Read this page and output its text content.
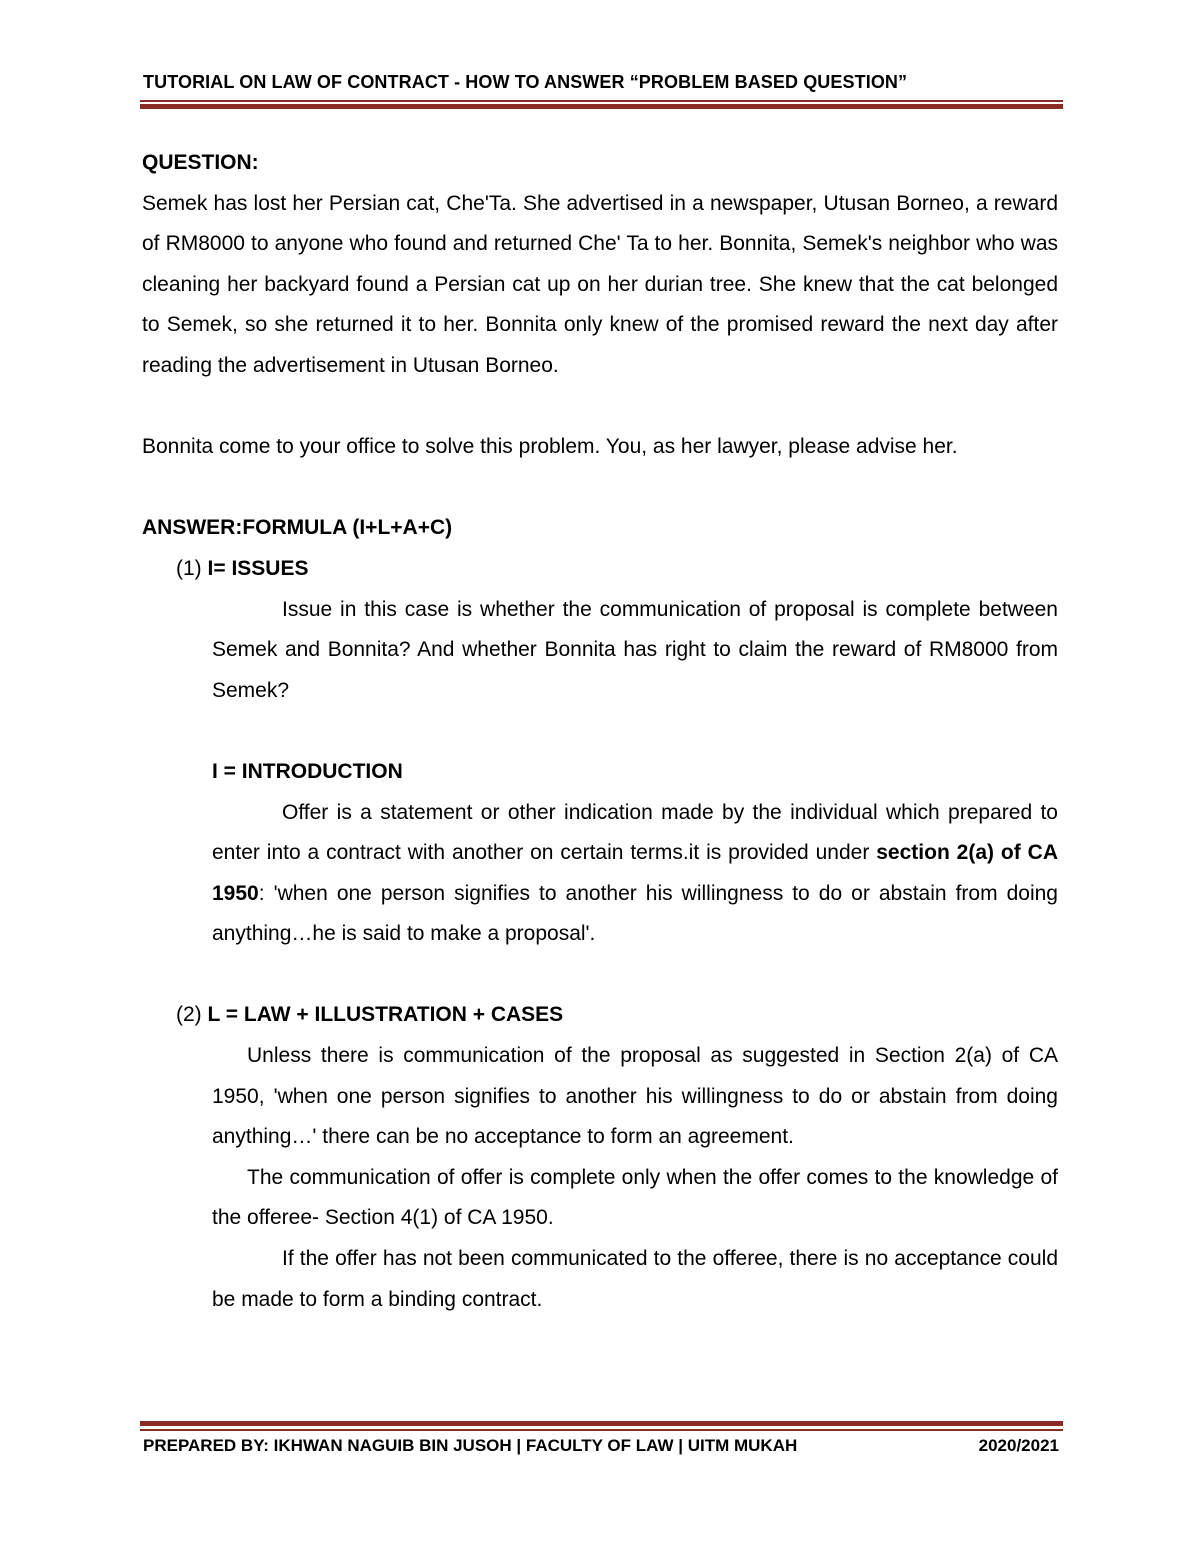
TUTORIAL ON LAW OF CONTRACT - HOW TO ANSWER “PROBLEM BASED QUESTION”

QUESTION:

Semek has lost her Persian cat, Che'Ta. She advertised in a newspaper, Utusan Borneo, a reward of RM8000 to anyone who found and returned Che' Ta to her. Bonnita, Semek's neighbor who was cleaning her backyard found a Persian cat up on her durian tree. She knew that the cat belonged to Semek, so she returned it to her. Bonnita only knew of the promised reward the next day after reading the advertisement in Utusan Borneo.

Bonnita come to your office to solve this problem. You, as her lawyer, please advise her.

ANSWER:FORMULA (I+L+A+C)

(1) I= ISSUES

Issue in this case is whether the communication of proposal is complete between Semek and Bonnita? And whether Bonnita has right to claim the reward of RM8000 from Semek?

I = INTRODUCTION

Offer is a statement or other indication made by the individual which prepared to enter into a contract with another on certain terms.it is provided under section 2(a) of CA 1950: 'when one person signifies to another his willingness to do or abstain from doing anything…he is said to make a proposal'.

(2) L = LAW + ILLUSTRATION + CASES

Unless there is communication of the proposal as suggested in Section 2(a) of CA 1950, 'when one person signifies to another his willingness to do or abstain from doing anything…' there can be no acceptance to form an agreement.

The communication of offer is complete only when the offer comes to the knowledge of the offeree- Section 4(1) of CA 1950.

If the offer has not been communicated to the offeree, there is no acceptance could be made to form a binding contract.

PREPARED BY: IKHWAN NAGUIB BIN JUSOH | FACULTY OF LAW | UITM MUKAH	2020/2021
